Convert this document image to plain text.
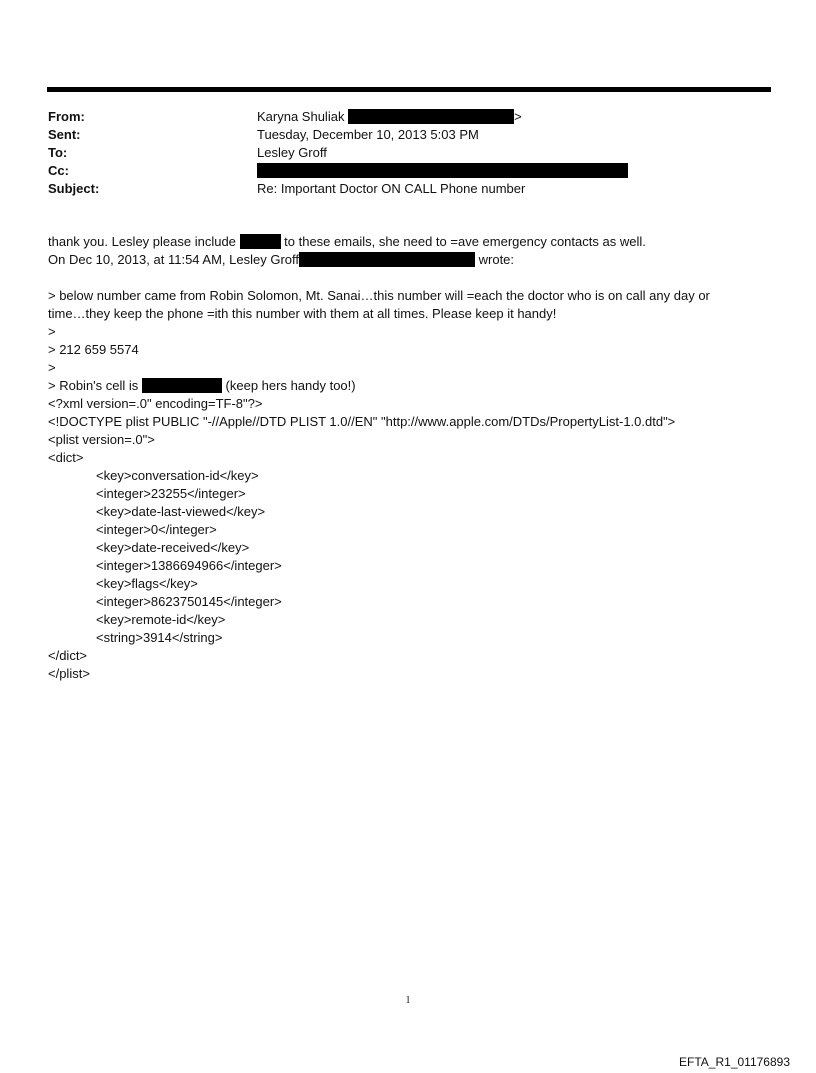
From:	Karyna Shuliak	>
Sent:	Tuesday, December 10, 2013 5:03 PM
To:	Lesley Groff
Cc:
Subject:	Re: Important Doctor ON CALL Phone number
thank you. Lesley please include	to these emails, she need to =ave emergency contacts as well.
On Dec 10, 2013, at 11:54 AM, Lesley Groff	wrote:
> below number came from Robin Solomon, Mt. Sanai…this number will =each the doctor who is on call any day or
time…they keep the phone =ith this number with them at all times. Please keep it handy!
>
> 212 659 5574
>
> Robin's cell is	(keep hers handy too!)
<?xml version=.0" encoding=TF-8"?>
<!DOCTYPE plist PUBLIC "-//Apple//DTD PLIST 1.0//EN" "http://www.apple.com/DTDs/PropertyList-1.0.dtd">
<plist version=.0">
<dict>
<key>conversation-id</key>
<integer>23255</integer>
<key>date-last-viewed</key>
<integer>0</integer>
<key>date-received</key>
<integer>1386694966</integer>
<key>flags</key>
<integer>8623750145</integer>
<key>remote-id</key>
<string>3914</string>
</dict>
</plist>
1
EFTA_R1_01176893
